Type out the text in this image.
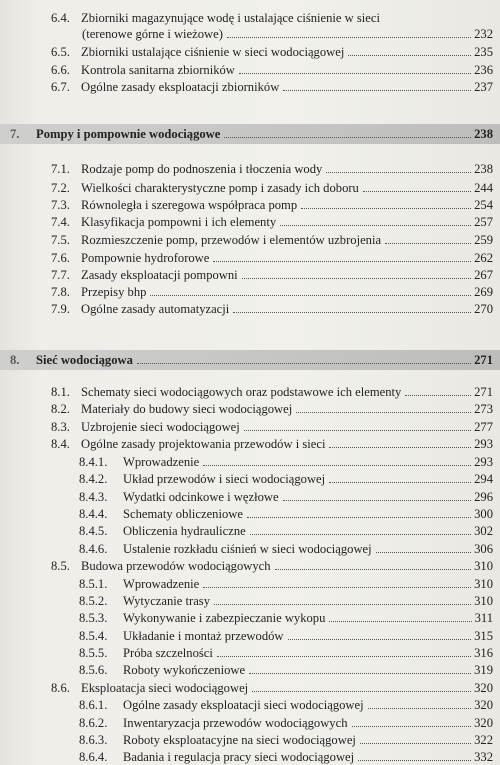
6.4. Zbiorniki magazynujące wodę i ustalające ciśnienie w sieci
(terenowe górne i wieżowe)	232
6.5. Zbiorniki ustalające ciśnienie w sieci wodociągowej	235
6.6. Kontrola sanitarna zbiorników	236
6.7. Ogólne zasady eksploatacji zbiorników	237
7.	Pompy i pompownie wodociągowe	238
7.1. Rodzaje pomp do podnoszenia i tłoczenia wody	238
7.2. Wielkości charakterystyczne pomp i zasady ich doboru	244
7.3. Równoległa i szeregowa współpraca pomp	254
7.4. Klasyfikacja pompowni i ich elementy	257
7.5. Rozmieszczenie pomp, przewodów i elementów uzbrojenia	259
7.6. Pompownie hydroforowe	262
7.7. Zasady eksploatacji pompowni	267
7.8. Przepisy bhp	269
7.9. Ogólne zasady automatyzacji	270
8.	Sieć wodociągowa	271
8.1. Schematy sieci wodociągowych oraz podstawowe ich elementy	271
8.2. Materiały do budowy sieci wodociągowej	273
8.3. Uzbrojenie sieci wodociągowej	277
8.4. Ogólne zasady projektowania przewodów i sieci	293
8.4.1.	Wprowadzenie	293
8.4.2.	Układ przewodów i sieci wodociągowej	294
8.4.3.	Wydatki odcinkowe i węzłowe	296
8.4.4.	Schematy obliczeniowe	300
8.4.5.	Obliczenia hydrauliczne	302
8.4.6.	Ustalenie rozkładu ciśnień w sieci wodociągowej	306
8.5. Budowa przewodów wodociągowych	310
8.5.1.	Wprowadzenie	310
8.5.2.	Wytyczanie trasy	310
8.5.3.	Wykonywanie i zabezpieczanie wykopu	311
8.5.4.	Układanie i montaż przewodów	315
8.5.5.	Próba szczelności	316
8.5.6.	Roboty wykończeniowe	319
8.6. Eksploatacja sieci wodociągowej	320
8.6.1.	Ogólne zasady eksploatacji sieci wodociągowej	320
8.6.2.	Inwentaryzacja przewodów wodociągowych	320
8.6.3.	Roboty eksploatacyjne na sieci wodociągowej	322
8.6.4.	Badania i regulacja pracy sieci wodociągowej	332
